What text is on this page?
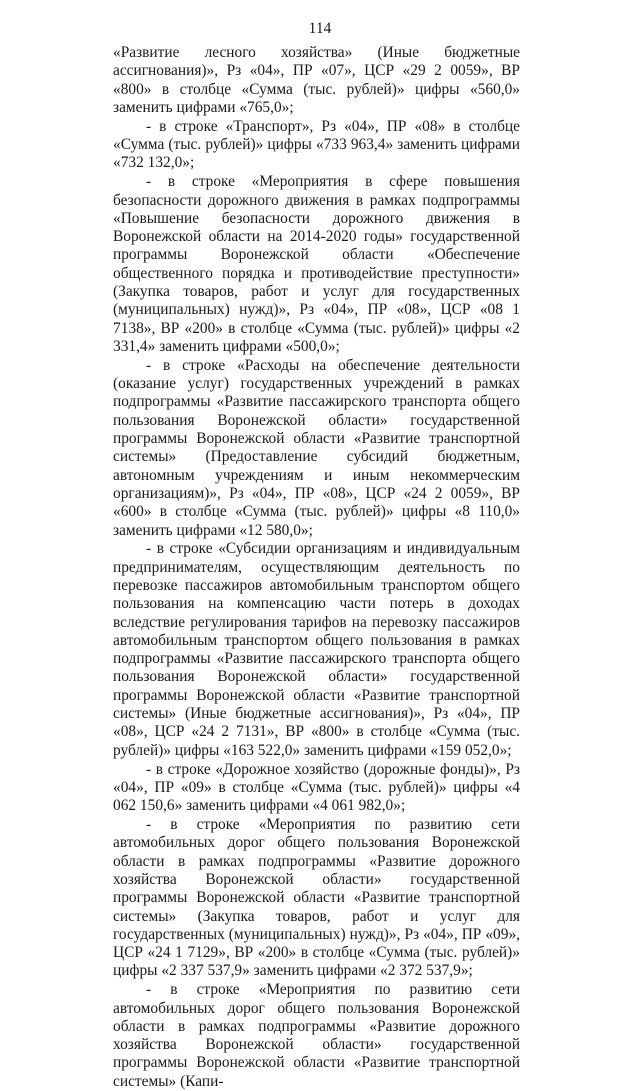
114

«Развитие лесного хозяйства» (Иные бюджетные ассигнования)», Рз «04», ПР «07», ЦСР «29 2 0059», ВР «800» в столбце «Сумма (тыс. рублей)» цифры «560,0» заменить цифрами «765,0»;

- в строке «Транспорт», Рз «04», ПР «08» в столбце «Сумма (тыс. рублей)» цифры «733 963,4» заменить цифрами «732 132,0»;

- в строке «Мероприятия в сфере повышения безопасности дорожного движения в рамках подпрограммы «Повышение безопасности дорожного движения в Воронежской области на 2014-2020 годы» государственной программы Воронежской области «Обеспечение общественного порядка и противодействие преступности» (Закупка товаров, работ и услуг для государственных (муниципальных) нужд)», Рз «04», ПР «08», ЦСР «08 1 7138», ВР «200» в столбце «Сумма (тыс. рублей)» цифры «2 331,4» заменить цифрами «500,0»;

- в строке «Расходы на обеспечение деятельности (оказание услуг) государственных учреждений в рамках подпрограммы «Развитие пассажирского транспорта общего пользования Воронежской области» государственной программы Воронежской области «Развитие транспортной системы» (Предоставление субсидий бюджетным, автономным учреждениям и иным некоммерческим организациям)», Рз «04», ПР «08», ЦСР «24 2 0059», ВР «600» в столбце «Сумма (тыс. рублей)» цифры «8 110,0» заменить цифрами «12 580,0»;

- в строке «Субсидии организациям и индивидуальным предпринимателям, осуществляющим деятельность по перевозке пассажиров автомобильным транспортом общего пользования на компенсацию части потерь в доходах вследствие регулирования тарифов на перевозку пассажиров автомобильным транспортом общего пользования в рамках подпрограммы «Развитие пассажирского транспорта общего пользования Воронежской области» государственной программы Воронежской области «Развитие транспортной системы» (Иные бюджетные ассигнования)», Рз «04», ПР «08», ЦСР «24 2 7131», ВР «800» в столбце «Сумма (тыс. рублей)» цифры «163 522,0» заменить цифрами «159 052,0»;

- в строке «Дорожное хозяйство (дорожные фонды)», Рз «04», ПР «09» в столбце «Сумма (тыс. рублей)» цифры «4 062 150,6» заменить цифрами «4 061 982,0»;

- в строке «Мероприятия по развитию сети автомобильных дорог общего пользования Воронежской области в рамках подпрограммы «Развитие дорожного хозяйства Воронежской области» государственной программы Воронежской области «Развитие транспортной системы» (Закупка товаров, работ и услуг для государственных (муниципальных) нужд)», Рз «04», ПР «09», ЦСР «24 1 7129», ВР «200» в столбце «Сумма (тыс. рублей)» цифры «2 337 537,9» заменить цифрами «2 372 537,9»;

- в строке «Мероприятия по развитию сети автомобильных дорог общего пользования Воронежской области в рамках подпрограммы «Развитие дорожного хозяйства Воронежской области» государственной программы Воронежской области «Развитие транспортной системы» (Капи-
